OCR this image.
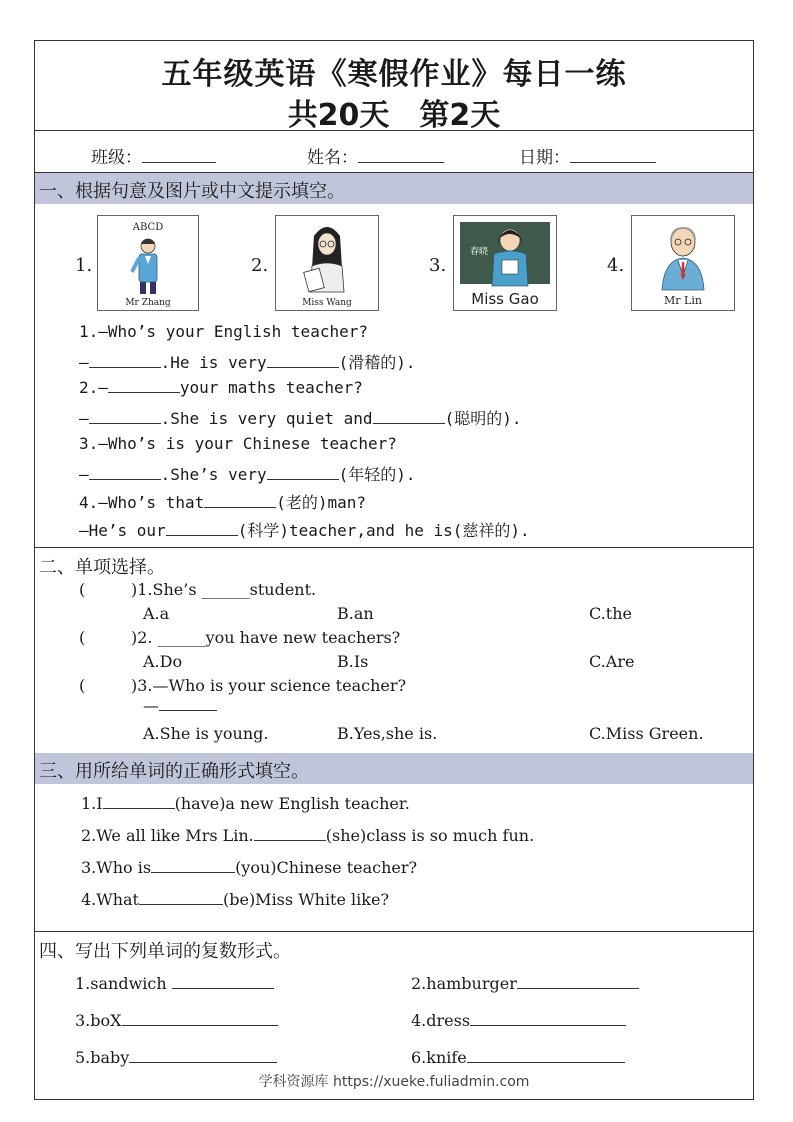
五年级英语《寒假作业》每日一练
共20天　第2天
班级：	姓名：	日期：
一、根据句意及图片或中文提示填空。
1.
ABCD
Mr Zhang
2.
Miss Wang
3.
春晓
Miss Gao
4.
Mr Lin
1.—Who’s your English teacher?
—	.He is very	(滑稽的).
2.—	your maths teacher?
—	.She is very quiet and	(聪明的).
3.—Who’s is your Chinese teacher?
—	.She’s very	(年轻的).
4.—Who’s that	(老的)man?
—He’s our	(科学)teacher,and he is(慈祥的).
二、单项选择。
(	)1.She’s ______student.
A.a	B.an	C.the
(	)2. ______you have new teachers?
A.Do	B.Is	C.Are
(	)3.—Who is your science teacher?
—
A.She is young.	B.Yes,she is.	C.Miss Green.
三、用所给单词的正确形式填空。
1.I	(have)a new English teacher.
2.We all like Mrs Lin.	(she)class is so much fun.
3.Who is	(you)Chinese teacher?
4.What	(be)Miss White like?
四、写出下列单词的复数形式。
1.sandwich	2.hamburger
3.boX	4.dress
5.baby	6.knife
学科资源库 https://xueke.fuliadmin.com
